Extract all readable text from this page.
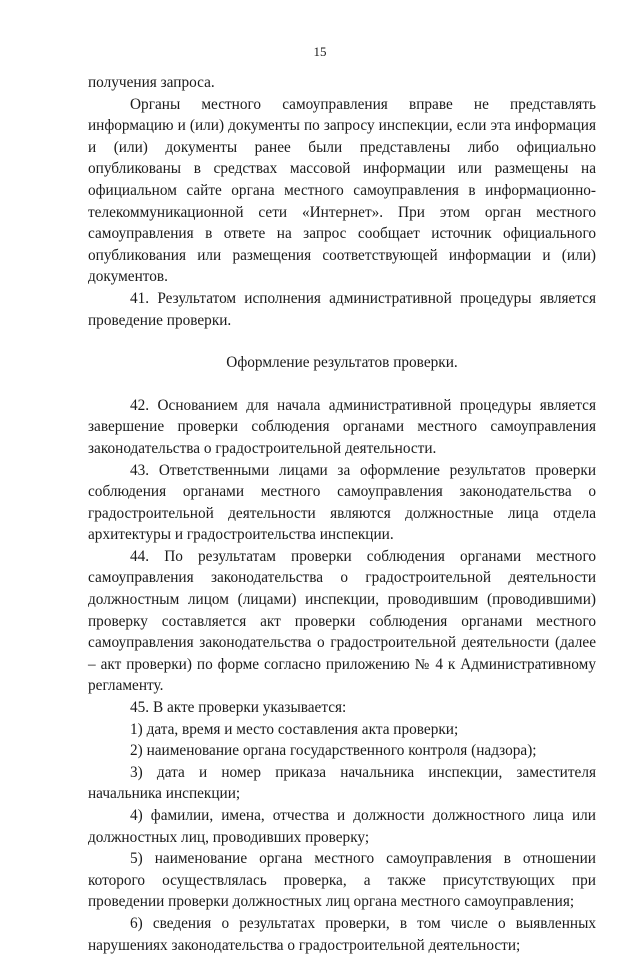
15

получения запроса.

Органы местного самоуправления вправе не представлять информацию и (или) документы по запросу инспекции, если эта информация и (или) документы ранее были представлены либо официально опубликованы в средствах массовой информации или размещены на официальном сайте органа местного самоуправления в информационно-телекоммуникационной сети «Интернет». При этом орган местного самоуправления в ответе на запрос сообщает источник официального опубликования или размещения соответствующей информации и (или) документов.

41. Результатом исполнения административной процедуры является проведение проверки.

Оформление результатов проверки.

42. Основанием для начала административной процедуры является завершение проверки соблюдения органами местного самоуправления законодательства о градостроительной деятельности.

43. Ответственными лицами за оформление результатов проверки соблюдения органами местного самоуправления законодательства о градостроительной деятельности являются должностные лица отдела архитектуры и градостроительства инспекции.

44. По результатам проверки соблюдения органами местного самоуправления законодательства о градостроительной деятельности должностным лицом (лицами) инспекции, проводившим (проводившими) проверку составляется акт проверки соблюдения органами местного самоуправления законодательства о градостроительной деятельности (далее – акт проверки) по форме согласно приложению № 4 к Административному регламенту.

45. В акте проверки указывается:

1) дата, время и место составления акта проверки;

2) наименование органа государственного контроля (надзора);

3) дата и номер приказа начальника инспекции, заместителя начальника инспекции;

4) фамилии, имена, отчества и должности должностного лица или должностных лиц, проводивших проверку;

5) наименование органа местного самоуправления в отношении которого осуществлялась проверка, а также присутствующих при проведении проверки должностных лиц органа местного самоуправления;

6) сведения о результатах проверки, в том числе о выявленных нарушениях законодательства о градостроительной деятельности;
